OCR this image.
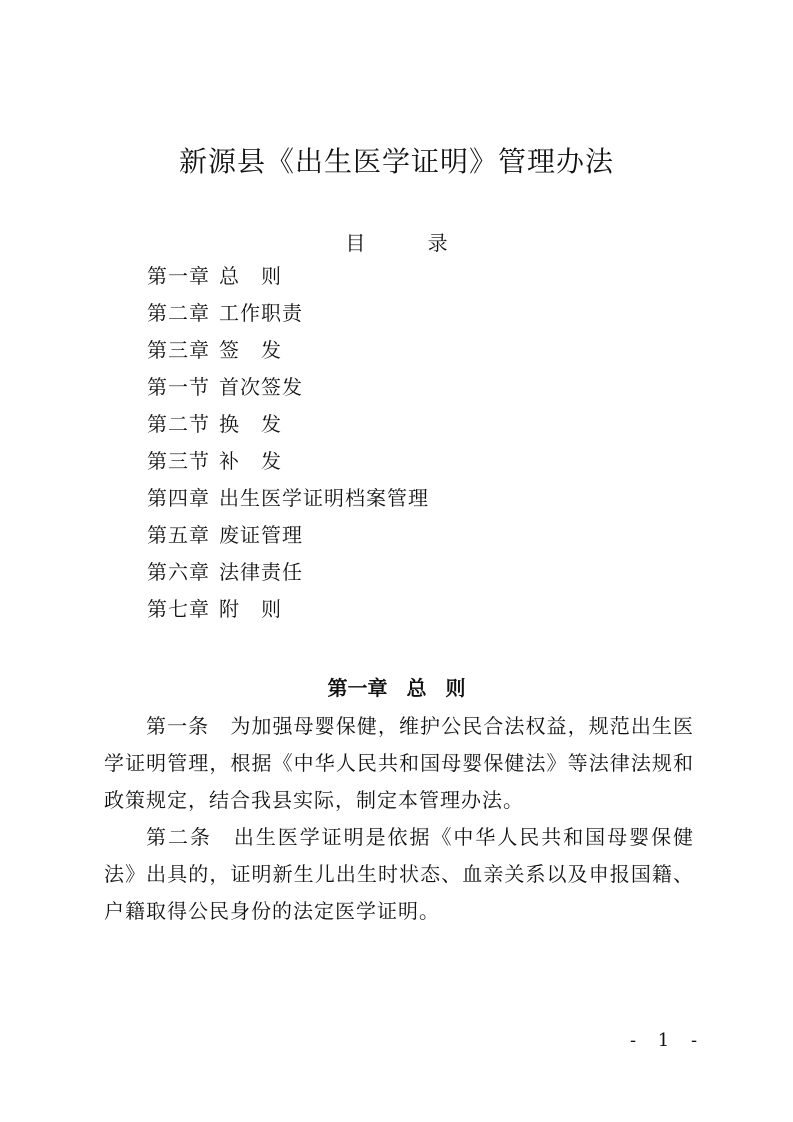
新源县《出生医学证明》管理办法
目 录
第一章 总　则
第二章 工作职责
第三章 签　发
第一节 首次签发
第二节 换　发
第三节 补　发
第四章 出生医学证明档案管理
第五章 废证管理
第六章 法律责任
第七章 附　则
第一章 总 则

第一条　为加强母婴保健，维护公民合法权益，规范出生医学证明管理，根据《中华人民共和国母婴保健法》等法律法规和政策规定，结合我县实际，制定本管理办法。

第二条　出生医学证明是依据《中华人民共和国母婴保健法》出具的，证明新生儿出生时状态、血亲关系以及申报国籍、户籍取得公民身份的法定医学证明。

- 1 -
